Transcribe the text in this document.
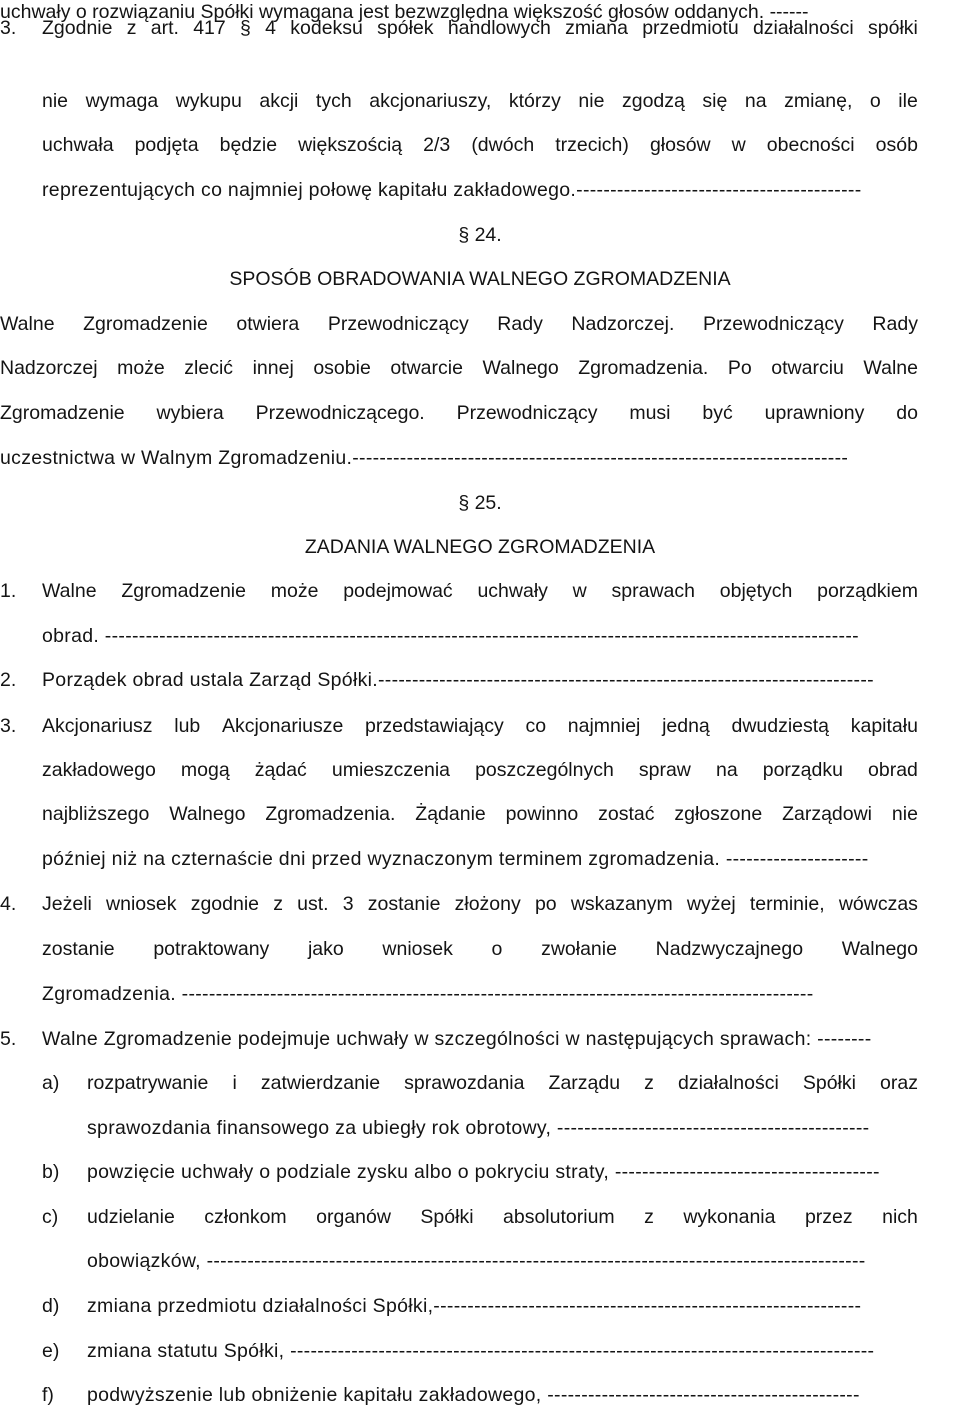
uchwały o rozwiązaniu Spółki wymagana jest bezwzględna większość głosów oddanych. ------
3. Zgodnie z art. 417 § 4 kodeksu spółek handlowych zmiana przedmiotu działalności spółki
nie wymaga wykupu akcji tych akcjonariuszy, którzy nie zgodzą się na zmianę, o ile
uchwała podjęta będzie większością 2/3 (dwóch trzecich) głosów w obecności osób
reprezentujących co najmniej połowę kapitału zakładowego.------------------------------------------
§ 24.
SPOSÓB OBRADOWANIA WALNEGO ZGROMADZENIA
Walne Zgromadzenie otwiera Przewodniczący Rady Nadzorczej. Przewodniczący Rady
Nadzorczej może zlecić innej osobie otwarcie Walnego Zgromadzenia. Po otwarciu Walne
Zgromadzenie wybiera Przewodniczącego. Przewodniczący musi być uprawniony do
uczestnictwa w Walnym Zgromadzeniu.-------------------------------------------------------------------------
§ 25.
ZADANIA WALNEGO ZGROMADZENIA
1. Walne Zgromadzenie może podejmować uchwały w sprawach objętych porządkiem
obrad. ---------------------------------------------------------------------------------------------------------------
2. Porządek obrad ustala Zarząd Spółki.-------------------------------------------------------------------------
3. Akcjonariusz lub Akcjonariusze przedstawiający co najmniej jedną dwudziestą kapitału
zakładowego mogą żądać umieszczenia poszczególnych spraw na porządku obrad
najbliższego Walnego Zgromadzenia. Żądanie powinno zostać zgłoszone Zarządowi nie
później niż na czternaście dni przed wyznaczonym terminem zgromadzenia. ---------------------
4. Jeżeli wniosek zgodnie z ust. 3 zostanie złożony po wskazanym wyżej terminie, wówczas
zostanie potraktowany jako wniosek o zwołanie Nadzwyczajnego Walnego
Zgromadzenia. ---------------------------------------------------------------------------------------------
5. Walne Zgromadzenie podejmuje uchwały w szczególności w następujących sprawach: --------
a) rozpatrywanie i zatwierdzanie sprawozdania Zarządu z działalności Spółki oraz
sprawozdania finansowego za ubiegły rok obrotowy, ----------------------------------------------
b) powzięcie uchwały o podziale zysku albo o pokryciu straty, ---------------------------------------
c) udzielanie członkom organów Spółki absolutorium z wykonania przez nich
obowiązków, -------------------------------------------------------------------------------------------------
d) zmiana przedmiotu działalności Spółki,---------------------------------------------------------------
e) zmiana statutu Spółki, --------------------------------------------------------------------------------------
f) podwyższenie lub obniżenie kapitału zakładowego, ----------------------------------------------
